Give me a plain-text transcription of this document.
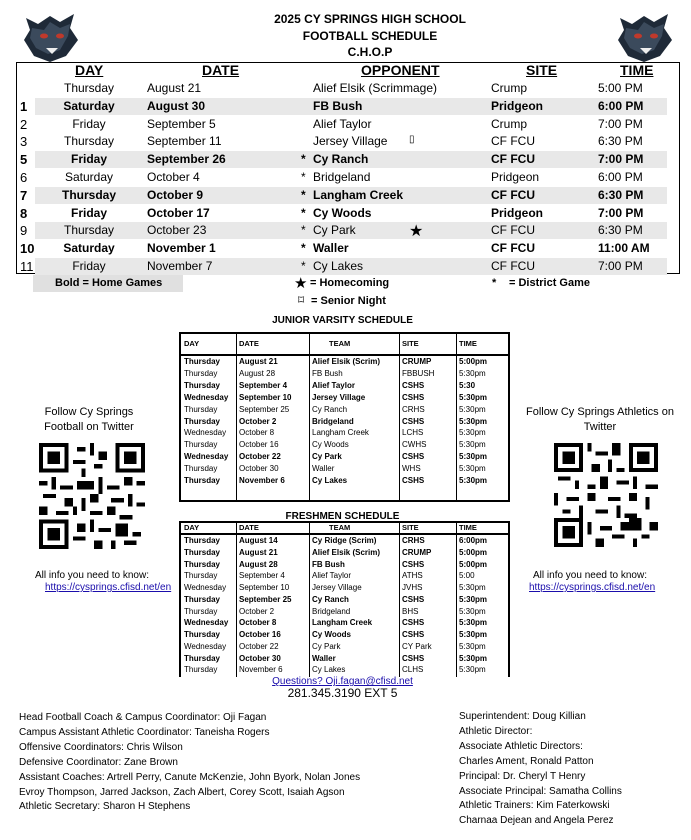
2025 CY SPRINGS HIGH SCHOOL
FOOTBALL SCHEDULE
C.H.O.P
DAY	DATE	OPPONENT	SITE	TIME
Thursday	August 21	Alief Elsik (Scrimmage)	Crump	5:00 PM
1	Saturday	August 30	FB Bush	Pridgeon	6:00 PM
2	Friday	September 5	Alief Taylor	Crump	7:00 PM
3	Thursday	September 11	Jersey Village	CF FCU	6:30 PM
▯
5	Friday	September 26	* Cy Ranch	CF FCU	7:00 PM
6	Saturday	October 4	* Bridgeland	Pridgeon	6:00 PM
7	Thursday	October 9	* Langham Creek	CF FCU	6:30 PM
8	Friday	October 17	* Cy Woods	Pridgeon	7:00 PM
9	Thursday	October 23	* Cy Park	CF FCU	6:30 PM
★
10	Saturday	November 1	* Waller	CF FCU	11:00 AM
11	Friday	November 7	* Cy Lakes	CF FCU	7:00 PM
Bold = Home Games	★ = Homecoming
⌑ = Senior Night
* = District Game
JUNIOR VARSITY SCHEDULE
DAY	DATE	TEAM	SITE	TIME
Thursday August 21	Alief Elsik (Scrim)	CRUMP	5:00pm
Thursday	August 28	FB Bush	FBBUSH	5:30pm
Thursday September 4	Alief Taylor	CSHS	5:30
Wednesday September 10	Jersey Village	CSHS	5:30pm
Thursday	September 25	Cy Ranch	CRHS	5:30pm
Thursday October 2	Bridgeland	CSHS	5:30pm
Wednesday October 8	Langham Creek	LCHS	5:30pm
Thursday	October 16	Cy Woods	CWHS	5:30pm
Wednesday October 22	Cy Park	CSHS	5:30pm
Thursday	October 30	Waller	WHS	5:30pm
Thursday November 6	Cy Lakes	CSHS	5:30pm
FRESHMEN SCHEDULE
DAY	DATE	TEAM	SITE	TIME
Thursday August 14	Cy Ridge (Scrim)	CRHS	6:00pm
Thursday August 21	Alief Elsik (Scrim)	CRUMP	5:00pm
Thursday August 28	FB Bush	CSHS	5:00pm
Thursday	September 4	Alief Taylor	ATHS	5:00
Wednesday September 10	Jersey Village	JVHS	5:30pm
Thursday September 25	Cy Ranch	CSHS	5:30pm
Thursday	October 2	Bridgeland	BHS	5:30pm
Wednesday October 8	Langham Creek	CSHS	5:30pm
Thursday October 16	Cy Woods	CSHS	5:30pm
Wednesday October 22	Cy Park	CY Park	5:30pm
Thursday October 30	Waller	CSHS	5:30pm
Thursday	November 6	Cy Lakes	CLHS	5:30pm
Follow Cy Springs Football on Twitter
All info you need to know:
https://cysprings.cfisd.net/en
Follow Cy Springs Athletics on Twitter
All info you need to know:
https://cysprings.cfisd.net/en
Questions? Oji.fagan@cfisd.net
281.345.3190 EXT 5
Head Football Coach & Campus Coordinator: Oji Fagan
Campus Assistant Athletic Coordinator: Taneisha Rogers
Offensive Coordinators: Chris Wilson
Defensive Coordinator: Zane Brown
Assistant Coaches: Artrell Perry, Canute McKenzie, John Byork, Nolan Jones
Evroy Thompson, Jarred Jackson, Zach Albert, Corey Scott, Isaiah Agson
Athletic Secretary: Sharon H Stephens
Superintendent: Doug Killian
Athletic Director:
Associate Athletic Directors:
Charles Ament, Ronald Patton
Principal: Dr. Cheryl T Henry
Associate Principal: Samatha Collins
Athletic Trainers: Kim Faterkowski
Charnaa Dejean and Angela Perez
